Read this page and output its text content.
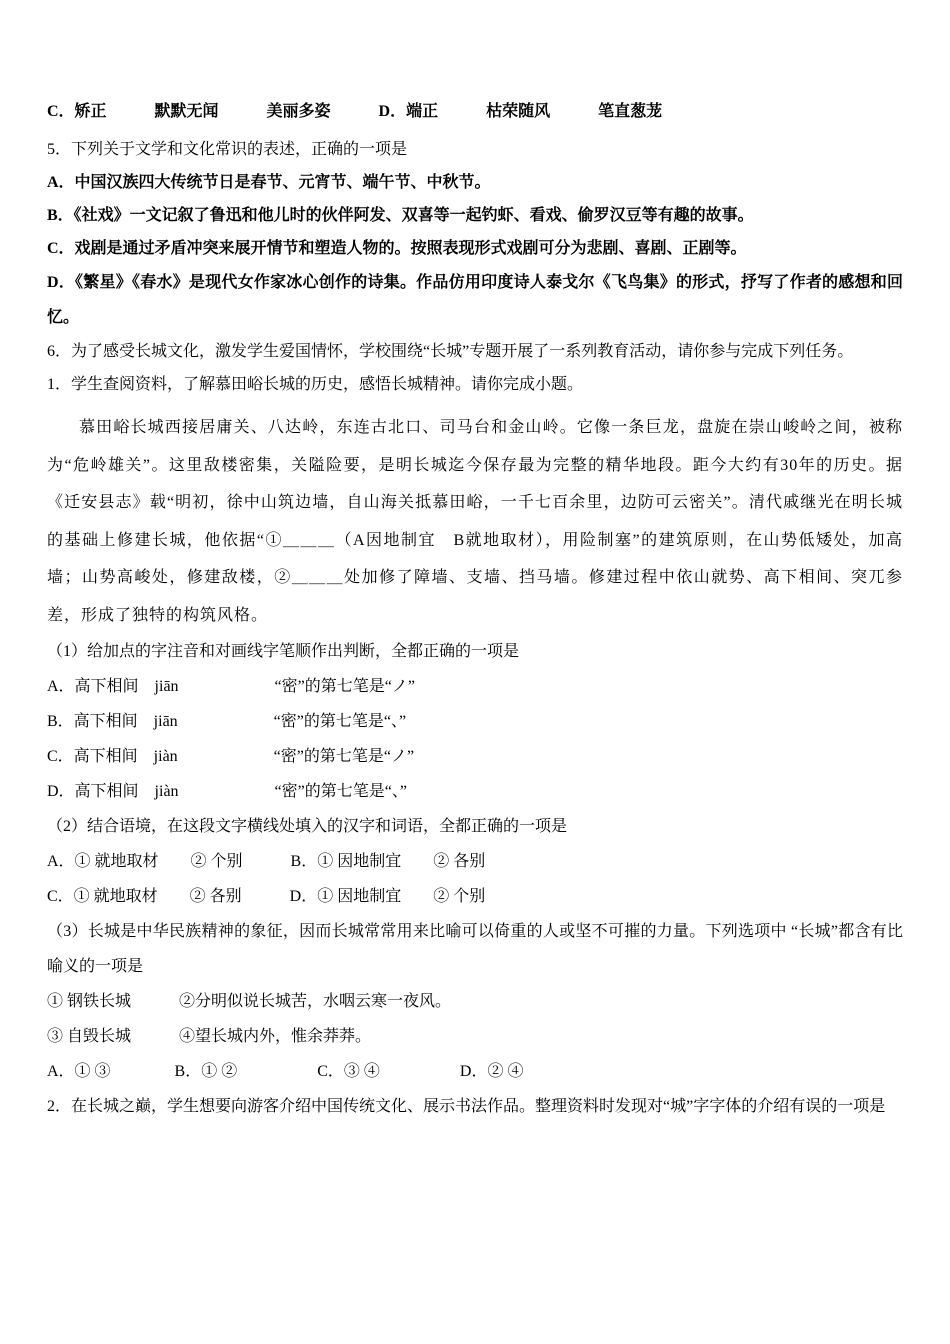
C．矫正　　　默默无闻　　　美丽多姿　　　D．端正　　　枯荣随风　　　笔直葱茏

5．下列关于文学和文化常识的表述，正确的一项是

A．中国汉族四大传统节日是春节、元宵节、端午节、中秋节。

B．《社戏》一文记叙了鲁迅和他儿时的伙伴阿发、双喜等一起钓虾、看戏、偷罗汉豆等有趣的故事。

C．戏剧是通过矛盾冲突来展开情节和塑造人物的。按照表现形式戏剧可分为悲剧、喜剧、正剧等。

D．《繁星》《春水》是现代女作家冰心创作的诗集。作品仿用印度诗人泰戈尔《飞鸟集》的形式，抒写了作者的感想和回忆。

6．为了感受长城文化，激发学生爱国情怀，学校围绕“长城”专题开展了一系列教育活动，请你参与完成下列任务。

1．学生查阅资料，了解慕田峪长城的历史，感悟长城精神。请你完成小题。

慕田峪长城西接居庸关、八达岭，东连古北口、司马台和金山岭。它像一条巨龙，盘旋在崇山峻岭之间，被称为“危岭雄关”。这里敌楼密集，关隘险要，是明长城迄今保存最为完整的精华地段。距今大约有30年的历史。据《迁安县志》载“明初，徐中山筑边墙，自山海关抵慕田峪，一千七百余里，边防可云密关”。清代戚继光在明长城的基础上修建长城，他依据“①＿＿＿（A因地制宜　B就地取材），用险制塞”的建筑原则，在山势低矮处，加高墙；山势高峻处，修建敌楼，②＿＿＿处加修了障墙、支墙、挡马墙。修建过程中依山就势、高下相间、突兀参差，形成了独特的构筑风格。

（1）给加点的字注音和对画线字笔顺作出判断，全都正确的一项是

A．高下相间　jiān　　　　　　“密”的第七笔是“ノ”

B．高下相间　jiān　　　　　　“密”的第七笔是“、”

C．高下相间　jiàn　　　　　　“密”的第七笔是“ノ”

D．高下相间　jiàn　　　　　　“密”的第七笔是“、”

（2）结合语境，在这段文字横线处填入的汉字和词语，全都正确的一项是

A．① 就地取材　　② 个别　　　B．① 因地制宜　　② 各别

C．① 就地取材　　② 各别　　　D．① 因地制宜　　② 个别

（3）长城是中华民族精神的象征，因而长城常常用来比喻可以倚重的人或坚不可摧的力量。下列选项中 “长城”都含有比喻义的一项是

① 钢铁长城　　　②分明似说长城苦，水咽云寒一夜风。

③ 自毁长城　　　④望长城内外，惟余莽莽。

A．① ③　　　　B．① ②　　　　　C．③ ④　　　　　D．② ④

2．在长城之巅，学生想要向游客介绍中国传统文化、展示书法作品。整理资料时发现对“城”字字体的介绍有误的一项是
